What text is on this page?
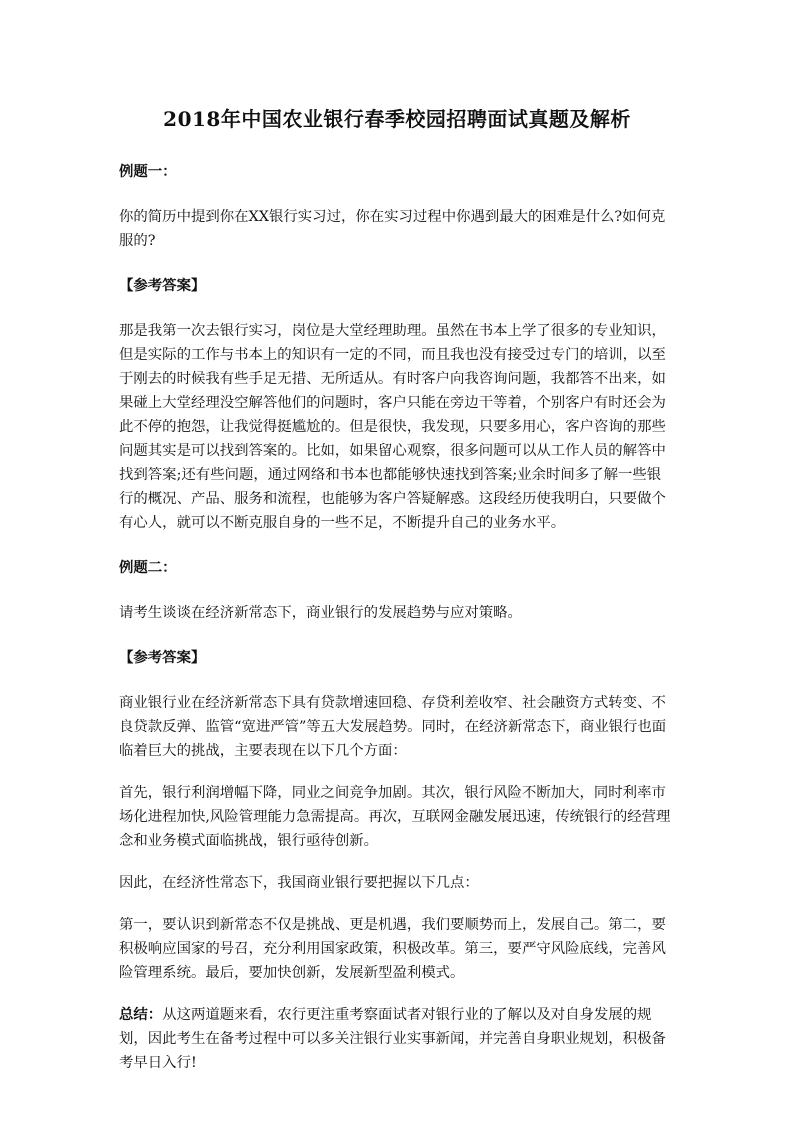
2018年中国农业银行春季校园招聘面试真题及解析

例题一：

你的简历中提到你在XX银行实习过，你在实习过程中你遇到最大的困难是什么?如何克服的?

【参考答案】

那是我第一次去银行实习，岗位是大堂经理助理。虽然在书本上学了很多的专业知识，但是实际的工作与书本上的知识有一定的不同，而且我也没有接受过专门的培训，以至于刚去的时候我有些手足无措、无所适从。有时客户向我咨询问题，我都答不出来，如果碰上大堂经理没空解答他们的问题时，客户只能在旁边干等着，个别客户有时还会为此不停的抱怨，让我觉得挺尴尬的。但是很快，我发现，只要多用心，客户咨询的那些问题其实是可以找到答案的。比如，如果留心观察，很多问题可以从工作人员的解答中找到答案;还有些问题，通过网络和书本也都能够快速找到答案;业余时间多了解一些银行的概况、产品、服务和流程，也能够为客户答疑解惑。这段经历使我明白，只要做个有心人，就可以不断克服自身的一些不足，不断提升自己的业务水平。

例题二：

请考生谈谈在经济新常态下，商业银行的发展趋势与应对策略。

【参考答案】

商业银行业在经济新常态下具有贷款增速回稳、存贷利差收窄、社会融资方式转变、不良贷款反弹、监管“宽进严管”等五大发展趋势。同时，在经济新常态下，商业银行也面临着巨大的挑战，主要表现在以下几个方面：

首先，银行利润增幅下降，同业之间竞争加剧。其次，银行风险不断加大，同时利率市场化进程加快,风险管理能力急需提高。再次，互联网金融发展迅速，传统银行的经营理念和业务模式面临挑战，银行亟待创新。

因此，在经济性常态下，我国商业银行要把握以下几点：

第一，要认识到新常态不仅是挑战、更是机遇，我们要顺势而上，发展自己。第二，要积极响应国家的号召，充分利用国家政策，积极改革。第三，要严守风险底线，完善风险管理系统。最后，要加快创新，发展新型盈利模式。

总结：从这两道题来看，农行更注重考察面试者对银行业的了解以及对自身发展的规划，因此考生在备考过程中可以多关注银行业实事新闻，并完善自身职业规划，积极备考早日入行!
